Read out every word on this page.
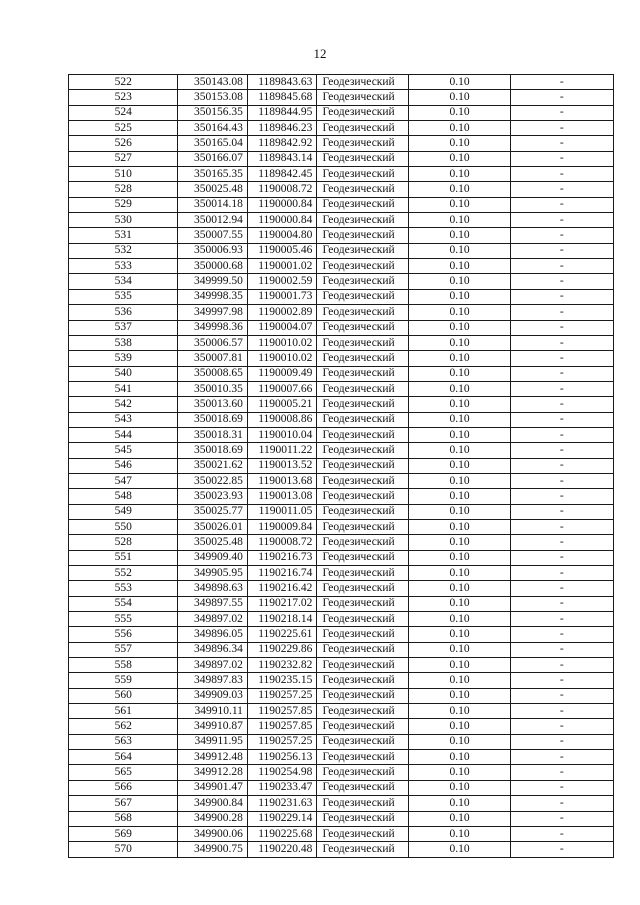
12
522	350143.08	1189843.63	Геодезический	0.10	-
523	350153.08	1189845.68	Геодезический	0.10	-
524	350156.35	1189844.95	Геодезический	0.10	-
525	350164.43	1189846.23	Геодезический	0.10	-
526	350165.04	1189842.92	Геодезический	0.10	-
527	350166.07	1189843.14	Геодезический	0.10	-
510	350165.35	1189842.45	Геодезический	0.10	-
528	350025.48	1190008.72	Геодезический	0.10	-
529	350014.18	1190000.84	Геодезический	0.10	-
530	350012.94	1190000.84	Геодезический	0.10	-
531	350007.55	1190004.80	Геодезический	0.10	-
532	350006.93	1190005.46	Геодезический	0.10	-
533	350000.68	1190001.02	Геодезический	0.10	-
534	349999.50	1190002.59	Геодезический	0.10	-
535	349998.35	1190001.73	Геодезический	0.10	-
536	349997.98	1190002.89	Геодезический	0.10	-
537	349998.36	1190004.07	Геодезический	0.10	-
538	350006.57	1190010.02	Геодезический	0.10	-
539	350007.81	1190010.02	Геодезический	0.10	-
540	350008.65	1190009.49	Геодезический	0.10	-
541	350010.35	1190007.66	Геодезический	0.10	-
542	350013.60	1190005.21	Геодезический	0.10	-
543	350018.69	1190008.86	Геодезический	0.10	-
544	350018.31	1190010.04	Геодезический	0.10	-
545	350018.69	1190011.22	Геодезический	0.10	-
546	350021.62	1190013.52	Геодезический	0.10	-
547	350022.85	1190013.68	Геодезический	0.10	-
548	350023.93	1190013.08	Геодезический	0.10	-
549	350025.77	1190011.05	Геодезический	0.10	-
550	350026.01	1190009.84	Геодезический	0.10	-
528	350025.48	1190008.72	Геодезический	0.10	-
551	349909.40	1190216.73	Геодезический	0.10	-
552	349905.95	1190216.74	Геодезический	0.10	-
553	349898.63	1190216.42	Геодезический	0.10	-
554	349897.55	1190217.02	Геодезический	0.10	-
555	349897.02	1190218.14	Геодезический	0.10	-
556	349896.05	1190225.61	Геодезический	0.10	-
557	349896.34	1190229.86	Геодезический	0.10	-
558	349897.02	1190232.82	Геодезический	0.10	-
559	349897.83	1190235.15	Геодезический	0.10	-
560	349909.03	1190257.25	Геодезический	0.10	-
561	349910.11	1190257.85	Геодезический	0.10	-
562	349910.87	1190257.85	Геодезический	0.10	-
563	349911.95	1190257.25	Геодезический	0.10	-
564	349912.48	1190256.13	Геодезический	0.10	-
565	349912.28	1190254.98	Геодезический	0.10	-
566	349901.47	1190233.47	Геодезический	0.10	-
567	349900.84	1190231.63	Геодезический	0.10	-
568	349900.28	1190229.14	Геодезический	0.10	-
569	349900.06	1190225.68	Геодезический	0.10	-
570	349900.75	1190220.48	Геодезический	0.10	-
